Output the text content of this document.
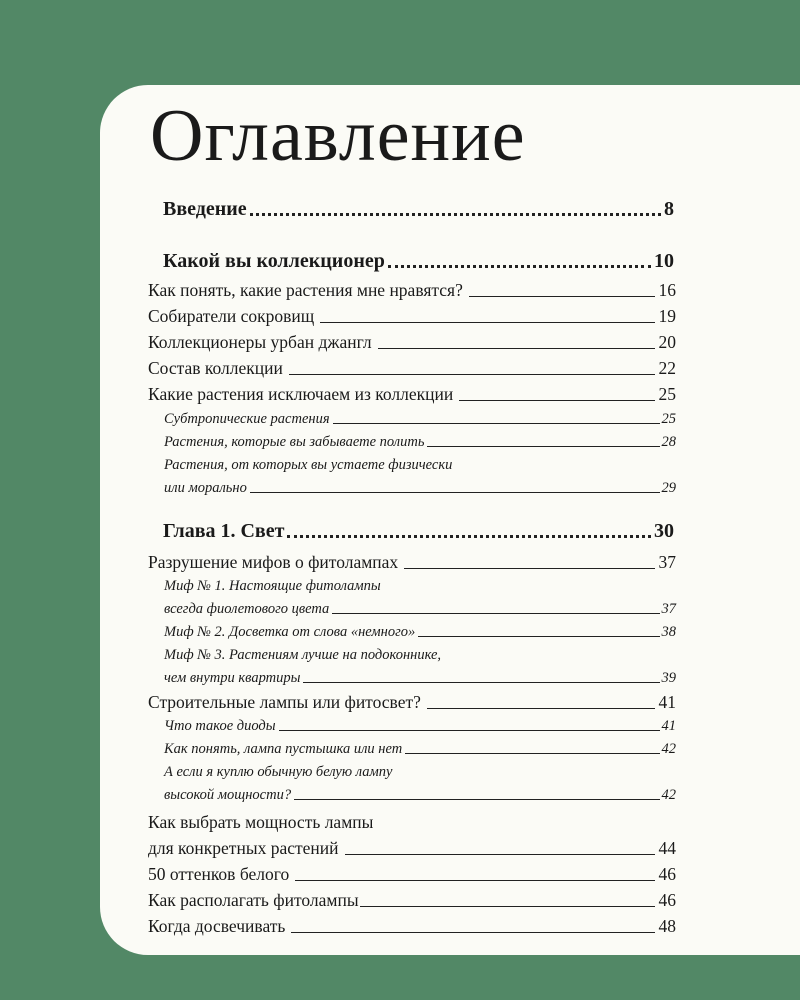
Оглавление
Введение	8
Какой вы коллекционер	10
Как понять, какие растения мне нравятся?	16
Собиратели сокровищ	19
Коллекционеры урбан джангл	20
Состав коллекции	22
Какие растения исключаем из коллекции	25
Субтропические растения	25
Растения, которые вы забываете полить	28
Растения, от которых вы устаете физически
или морально	29
Глава 1. Свет	30
Разрушение мифов о фитолампах	37
Миф № 1. Настоящие фитолампы
всегда фиолетового цвета	37
Миф № 2. Досветка от слова «немного»	38
Миф № 3. Растениям лучше на подоконнике,
чем внутри квартиры	39
Строительные лампы или фитосвет?	41
Что такое диоды	41
Как понять, лампа пустышка или нет	42
А если я куплю обычную белую лампу
высокой мощности?	42
Как выбрать мощность лампы
для конкретных растений	44
50 оттенков белого	46
Как располагать фитолампы	46
Когда досвечивать	48
